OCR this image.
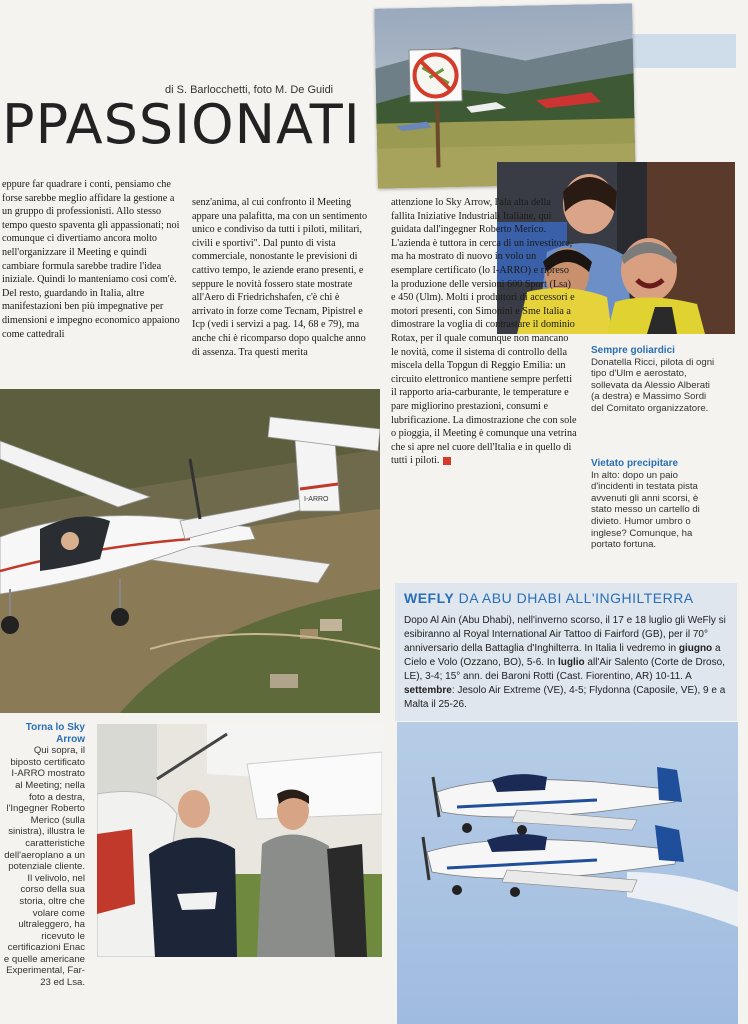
di S. Barlocchetti, foto M. De Guidi
PPASSIONATI
eppure far quadrare i conti, pensiamo che forse sarebbe meglio affidare la gestione a un gruppo di professionisti. Allo stesso tempo questo spaventa gli appassionati; noi comunque ci divertiamo ancora molto nell'organizzare il Meeting e quindi cambiare formula sarebbe tradire l'idea iniziale. Quindi lo manteniamo così com'è. Del resto, guardando in Italia, altre manifestazioni ben più impegnative per dimensioni e impegno economico appaiono come cattedrali
senz'anima, al cui confronto il Meeting appare una palafitta, ma con un sentimento unico e condiviso da tutti i piloti, militari, civili e sportivi". Dal punto di vista commerciale, nonostante le previsioni di cattivo tempo, le aziende erano presenti, e seppure le novità fossero state mostrate all'Aero di Friedrichshafen, c'è chi è arrivato in forze come Tecnam, Pipistrel e Icp (vedi i servizi a pag. 14, 68 e 79), ma anche chi è ricomparso dopo qualche anno di assenza. Tra questi merita
attenzione lo Sky Arrow, l'ala alta della fallita Iniziative Industriali Italiane, qui guidata dall'ingegner Roberto Merico. L'azienda è tuttora in cerca di un investitore, ma ha mostrato di nuovo in volo un esemplare certificato (lo I-ARRO) e ripreso la produzione delle versioni 600 Sport (Lsa) e 450 (Ulm). Molti i produttori di accessori e motori presenti, con Simonini e Sme Italia a dimostrare la voglia di contrastare il dominio Rotax, per il quale comunque non mancano le novità, come il sistema di controllo della miscela della Topgun di Reggio Emilia: un circuito elettronico mantiene sempre perfetti il rapporto aria-carburante, le temperature e pare migliorino prestazioni, consumi e lubrificazione. La dimostrazione che con sole o pioggia, il Meeting è comunque una vetrina che si apre nel cuore dell'Italia e in quello di tutti i piloti.
Sempre goliardici
Donatella Ricci, pilota di ogni tipo d'Ulm e aerostato, sollevata da Alessio Alberati (a destra) e Massimo Sordi del Comitato organizzatore.
Vietato precipitare
In alto: dopo un paio d'incidenti in testata pista avvenuti gli anni scorsi, è stato messo un cartello di divieto. Humor umbro o inglese? Comunque, ha portato fortuna.
I-ARRO
WEFLY DA ABU DHABI ALL'INGHILTERRA
Dopo Al Ain (Abu Dhabi), nell'inverno scorso, il 17 e 18 luglio gli WeFly si esibiranno al Royal International Air Tattoo di Fairford (GB), per il 70° anniversario della Battaglia d'Inghilterra. In Italia li vedremo in giugno a Cielo e Volo (Ozzano, BO), 5-6. In luglio all'Air Salento (Corte de Droso, LE), 3-4; 15° ann. dei Baroni Rotti (Cast. Fiorentino, AR) 10-11. A settembre: Jesolo Air Extreme (VE), 4-5; Flydonna (Caposile, VE), 9 e a Malta il 25-26.
Torna lo Sky Arrow
Qui sopra, il biposto certificato I-ARRO mostrato al Meeting; nella foto a destra, l'Ingegner Roberto Merico (sulla sinistra), illustra le caratteristiche dell'aeroplano a un potenziale cliente. Il velivolo, nel corso della sua storia, oltre che volare come ultraleggero, ha ricevuto le certificazioni Enac e quelle americane Experimental, Far-23 ed Lsa.
